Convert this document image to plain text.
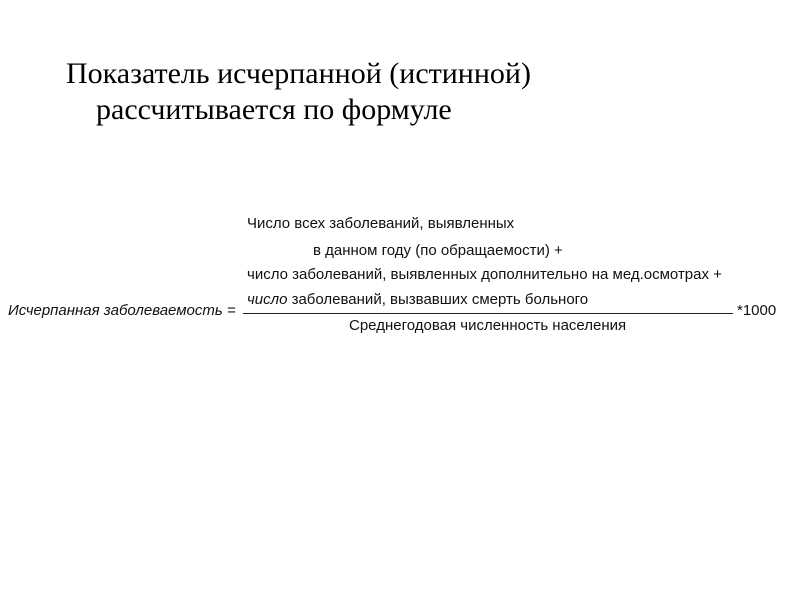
Показатель исчерпанной (истинной)
рассчитывается по формуле
Исчерпанная заболеваемость =
Число всех заболеваний, выявленных
в данном году (по обращаемости) +
число заболеваний, выявленных дополнительно на мед.осмотрах +
число заболеваний, вызвавших смерть больного
Среднегодовая численность населения
*1000
